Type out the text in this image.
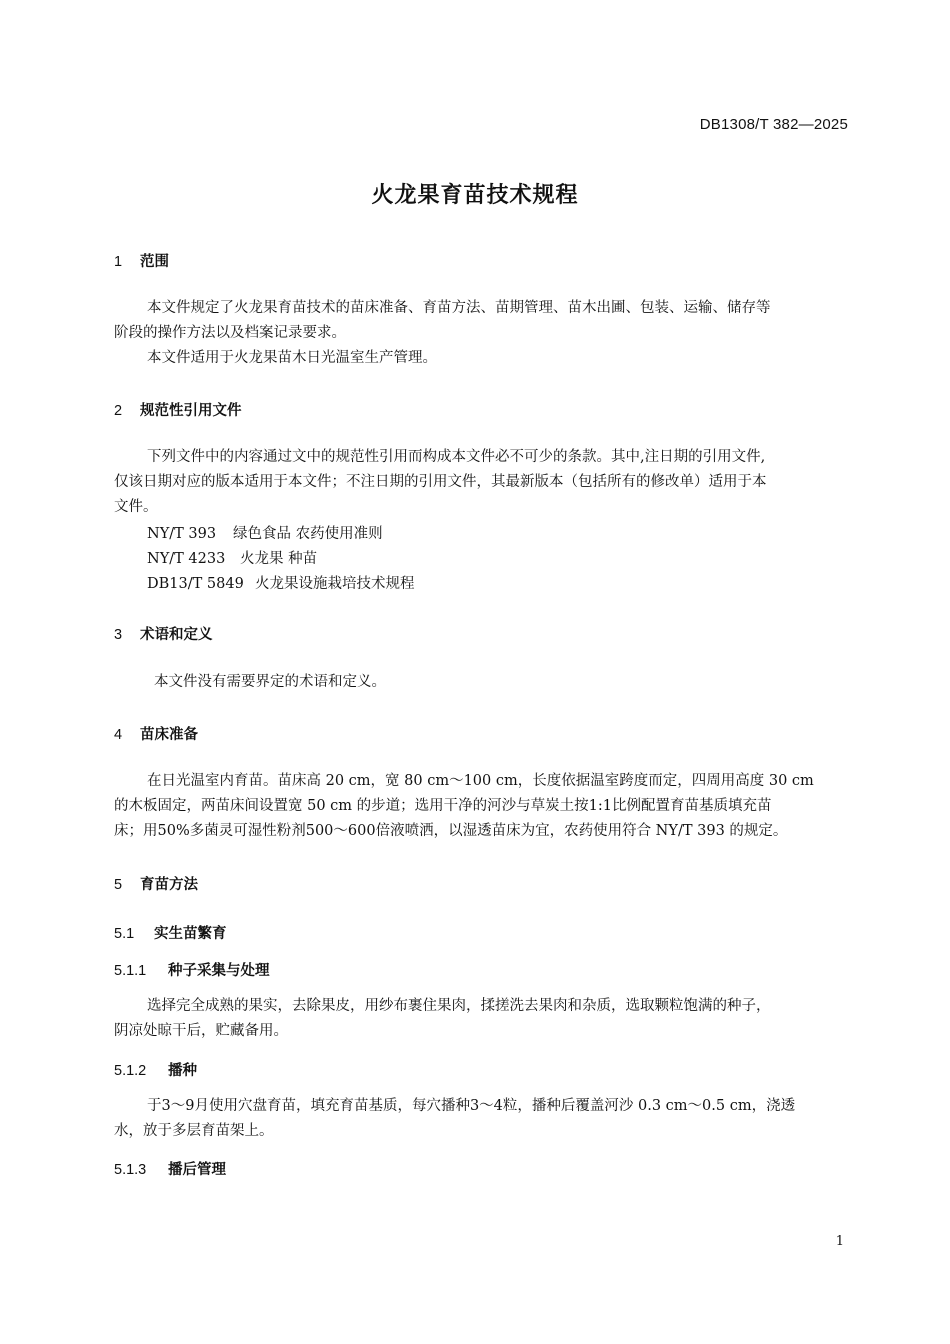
DB1308/T 382—2025
火龙果育苗技术规程
1 范围
本文件规定了火龙果育苗技术的苗床准备、育苗方法、苗期管理、苗木出圃、包装、运输、储存等
阶段的操作方法以及档案记录要求。
本文件适用于火龙果苗木日光温室生产管理。
2 规范性引用文件
下列文件中的内容通过文中的规范性引用而构成本文件必不可少的条款。其中,注日期的引用文件,
仅该日期对应的版本适用于本文件；不注日期的引用文件，其最新版本（包括所有的修改单）适用于本
文件。
NY/T 393 绿色食品 农药使用准则
NY/T 4233 火龙果 种苗
DB13/T 5849 火龙果设施栽培技术规程
3 术语和定义
本文件没有需要界定的术语和定义。
4 苗床准备
在日光温室内育苗。苗床高 20 cm，宽 80 cm～100 cm，长度依据温室跨度而定，四周用高度 30 cm
的木板固定，两苗床间设置宽 50 cm 的步道；选用干净的河沙与草炭土按1:1比例配置育苗基质填充苗
床；用50%多菌灵可湿性粉剂500～600倍液喷洒，以湿透苗床为宜，农药使用符合 NY/T 393 的规定。
5 育苗方法
5.1 实生苗繁育
5.1.1 种子采集与处理
选择完全成熟的果实，去除果皮，用纱布裹住果肉，揉搓洗去果肉和杂质，选取颗粒饱满的种子，
阴凉处晾干后，贮藏备用。
5.1.2 播种
于3～9月使用穴盘育苗，填充育苗基质，每穴播种3～4粒，播种后覆盖河沙 0.3 cm～0.5 cm，浇透
水，放于多层育苗架上。
5.1.3 播后管理
1
